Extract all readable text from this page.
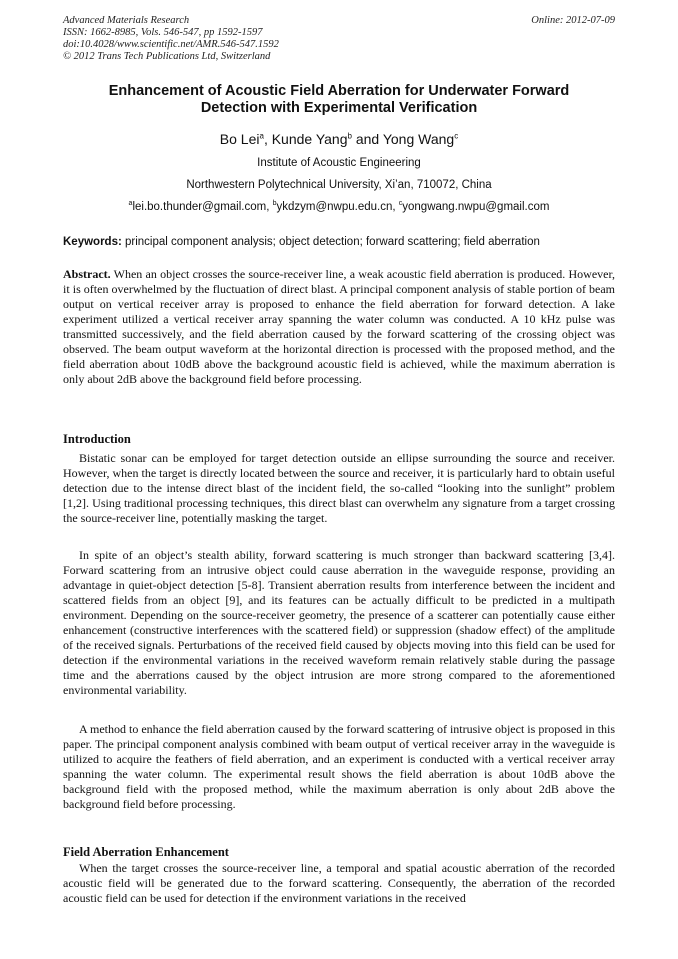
Advanced Materials Research
ISSN: 1662-8985, Vols. 546-547, pp 1592-1597
doi:10.4028/www.scientific.net/AMR.546-547.1592
© 2012 Trans Tech Publications Ltd, Switzerland
Online: 2012-07-09
Enhancement of Acoustic Field Aberration for Underwater Forward
Detection with Experimental Verification
Bo Lei$^a$, Kunde Yang$^b$ and Yong Wang$^c$
Institute of Acoustic Engineering
Northwestern Polytechnical University, Xi’an, 710072, China
$^a$lei.bo.thunder@gmail.com, $^b$ykdzym@nwpu.edu.cn, $^c$yongwang.nwpu@gmail.com
Keywords: principal component analysis; object detection; forward scattering; field aberration
Abstract. When an object crosses the source-receiver line, a weak acoustic field aberration is produced. However, it is often overwhelmed by the fluctuation of direct blast. A principal component analysis of stable portion of beam output on vertical receiver array is proposed to enhance the field aberration for forward detection. A lake experiment utilized a vertical receiver array spanning the water column was conducted. A 10 kHz pulse was transmitted successively, and the field aberration caused by the forward scattering of the crossing object was observed. The beam output waveform at the horizontal direction is processed with the proposed method, and the field aberration about 10dB above the background acoustic field is achieved, while the maximum aberration is only about 2dB above the background field before processing.
Introduction
Bistatic sonar can be employed for target detection outside an ellipse surrounding the source and receiver. However, when the target is directly located between the source and receiver, it is particularly hard to obtain useful detection due to the intense direct blast of the incident field, the so-called “looking into the sunlight” problem [1,2]. Using traditional processing techniques, this direct blast can overwhelm any signature from a target crossing the source-receiver line, potentially masking the target.
In spite of an object’s stealth ability, forward scattering is much stronger than backward scattering [3,4]. Forward scattering from an intrusive object could cause aberration in the waveguide response, providing an advantage in quiet-object detection [5-8]. Transient aberration results from interference between the incident and scattered fields from an object [9], and its features can be actually difficult to be predicted in a multipath environment. Depending on the source-receiver geometry, the presence of a scatterer can potentially cause either enhancement (constructive interferences with the scattered field) or suppression (shadow effect) of the amplitude of the received signals. Perturbations of the received field caused by objects moving into this field can be used for detection if the environmental variations in the received waveform remain relatively stable during the passage time and the aberrations caused by the object intrusion are more strong compared to the aforementioned environmental variability.
A method to enhance the field aberration caused by the forward scattering of intrusive object is proposed in this paper. The principal component analysis combined with beam output of vertical receiver array in the waveguide is utilized to acquire the feathers of field aberration, and an experiment is conducted with a vertical receiver array spanning the water column. The experimental result shows the field aberration is about 10dB above the background field with the proposed method, while the maximum aberration is only about 2dB above the background field before processing.
Field Aberration Enhancement
When the target crosses the source-receiver line, a temporal and spatial acoustic aberration of the recorded acoustic field will be generated due to the forward scattering. Consequently, the aberration of the recorded acoustic field can be used for detection if the environment variations in the received
